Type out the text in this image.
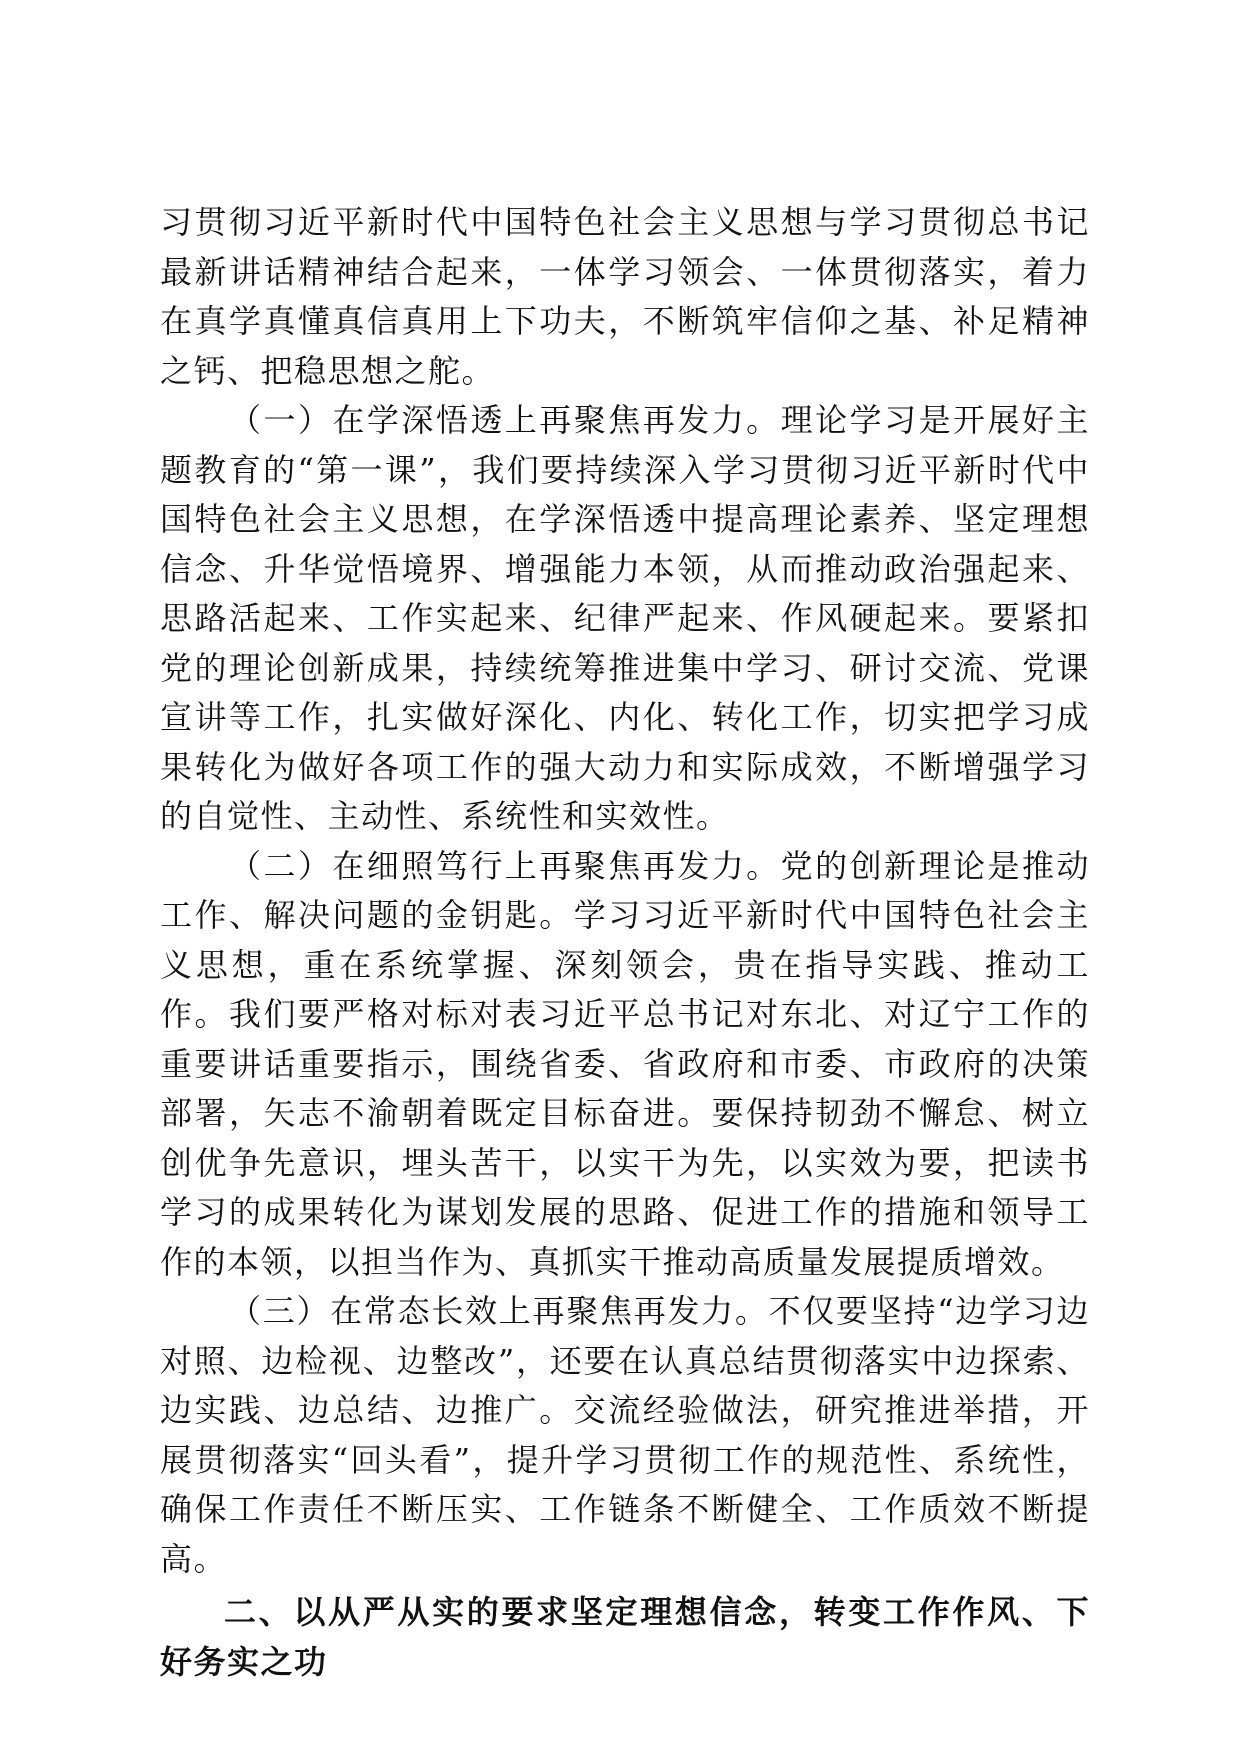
习贯彻习近平新时代中国特色社会主义思想与学习贯彻总书记最新讲话精神结合起来，一体学习领会、一体贯彻落实，着力在真学真懂真信真用上下功夫，不断筑牢信仰之基、补足精神之钙、把稳思想之舵。

（一）在学深悟透上再聚焦再发力。理论学习是开展好主题教育的“第一课”，我们要持续深入学习贯彻习近平新时代中国特色社会主义思想，在学深悟透中提高理论素养、坚定理想信念、升华觉悟境界、增强能力本领，从而推动政治强起来、思路活起来、工作实起来、纪律严起来、作风硬起来。要紧扣党的理论创新成果，持续统筹推进集中学习、研讨交流、党课宣讲等工作，扎实做好深化、内化、转化工作，切实把学习成果转化为做好各项工作的强大动力和实际成效，不断增强学习的自觉性、主动性、系统性和实效性。

（二）在细照笃行上再聚焦再发力。党的创新理论是推动工作、解决问题的金钥匙。学习习近平新时代中国特色社会主义思想，重在系统掌握、深刻领会，贵在指导实践、推动工作。我们要严格对标对表习近平总书记对东北、对辽宁工作的重要讲话重要指示，围绕省委、省政府和市委、市政府的决策部署，矢志不渝朝着既定目标奋进。要保持韧劲不懈怠、树立创优争先意识，埋头苦干，以实干为先，以实效为要，把读书学习的成果转化为谋划发展的思路、促进工作的措施和领导工作的本领，以担当作为、真抓实干推动高质量发展提质增效。

（三）在常态长效上再聚焦再发力。不仅要坚持“边学习边对照、边检视、边整改”，还要在认真总结贯彻落实中边探索、边实践、边总结、边推广。交流经验做法，研究推进举措，开展贯彻落实“回头看”，提升学习贯彻工作的规范性、系统性，确保工作责任不断压实、工作链条不断健全、工作质效不断提高。

二、以从严从实的要求坚定理想信念，转变工作作风、下好务实之功
